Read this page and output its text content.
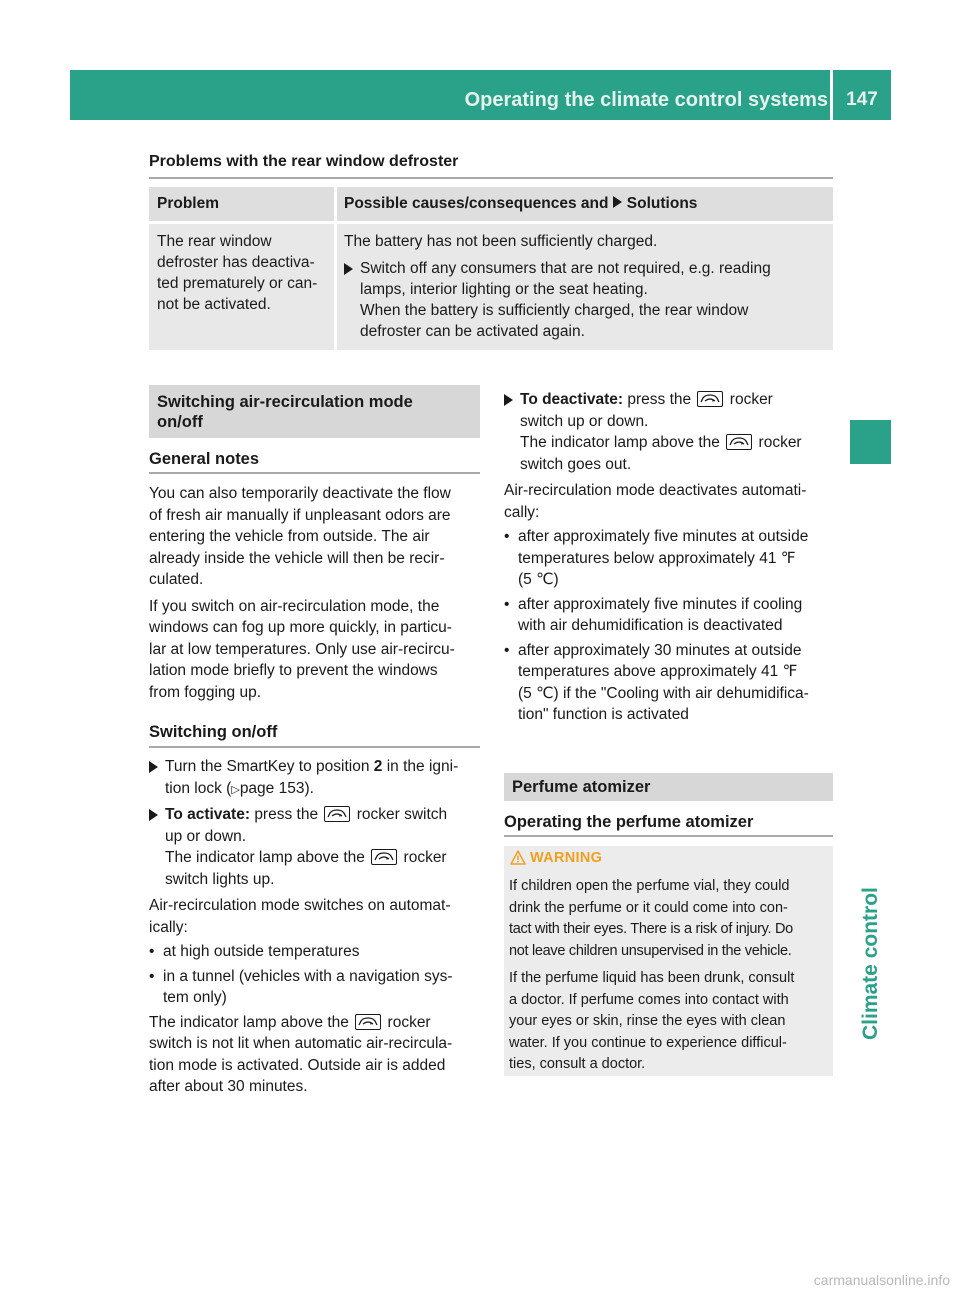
Operating the climate control systems 147
Climate control
Problems with the rear window defroster
Problem	Possible causes/consequences and Solutions
The rear window
defroster has deactiva-
ted prematurely or can-
not be activated.
The battery has not been sufficiently charged.
Switch off any consumers that are not required, e.g. reading
lamps, interior lighting or the seat heating.
When the battery is sufficiently charged, the rear window
defroster can be activated again.
Switching air-recirculation mode
on/off
General notes

You can also temporarily deactivate the flow

of fresh air manually if unpleasant odors are

entering the vehicle from outside. The air

already inside the vehicle will then be recir-

culated.

If you switch on air-recirculation mode, the

windows can fog up more quickly, in particu-

lar at low temperatures. Only use air-recircu-

lation mode briefly to prevent the windows

from fogging up.

Switching on/off
Turn the SmartKey to position 2 in the igni-
tion lock (▷page 153).
To activate: press the rocker switch
up or down.
The indicator lamp above the rocker
switch lights up.
Air-recirculation mode switches on automat-
ically:
• at high outside temperatures
• in a tunnel (vehicles with a navigation sys-
tem only)
The indicator lamp above the rocker
switch is not lit when automatic air-recircula-
tion mode is activated. Outside air is added
after about 30 minutes.
To deactivate: press the rocker
switch up or down.
The indicator lamp above the rocker
switch goes out.
Air-recirculation mode deactivates automati-
cally:
• after approximately five minutes at outside
temperatures below approximately 41 ℉
(5 ℃)
• after approximately five minutes if cooling
with air dehumidification is deactivated
• after approximately 30 minutes at outside
temperatures above approximately 41 ℉
(5 ℃) if the "Cooling with air dehumidifica-
tion" function is activated
Perfume atomizer
Operating the perfume atomizer
WARNING

If children open the perfume vial, they could

drink the perfume or it could come into con-

tact with their eyes. There is a risk of injury. Do

not leave children unsupervised in the vehicle.

If the perfume liquid has been drunk, consult

a doctor. If perfume comes into contact with

your eyes or skin, rinse the eyes with clean

water. If you continue to experience difficul-

ties, consult a doctor.

carmanualsonline.info
